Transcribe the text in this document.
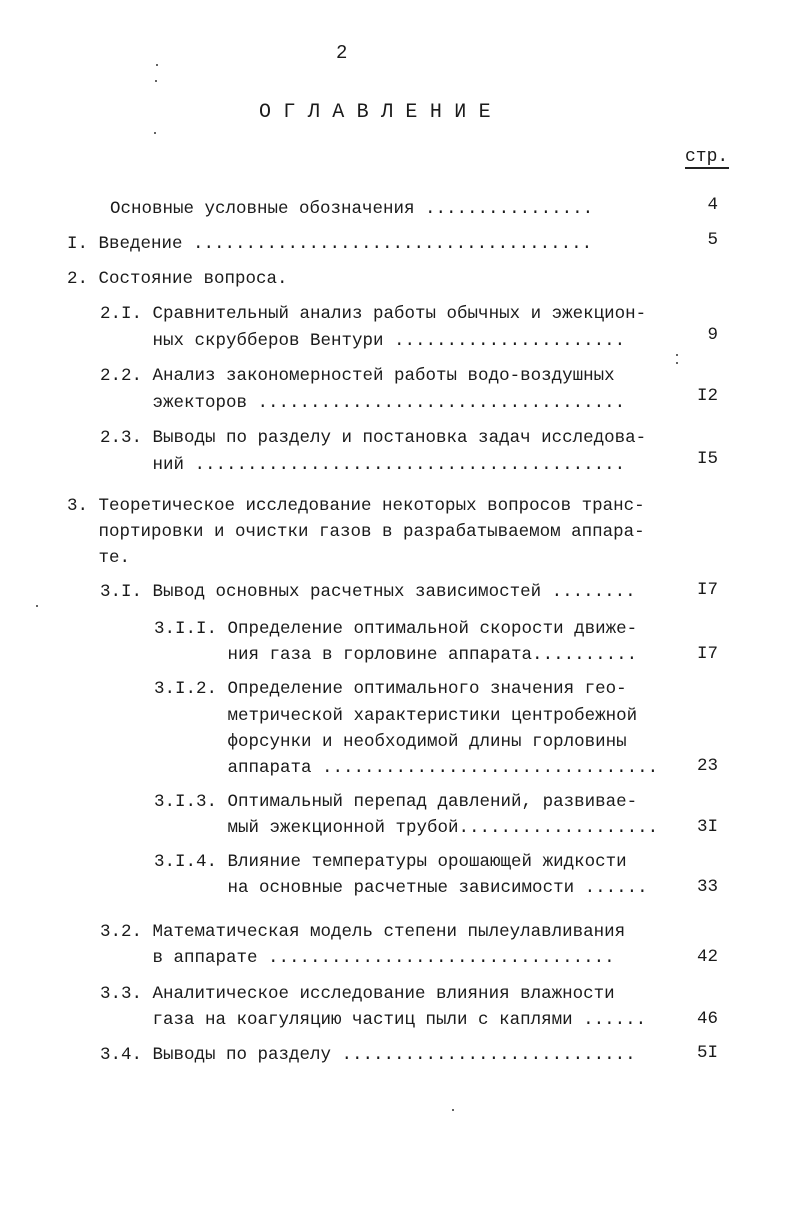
2
О Г Л А В Л Е Н И Е
стр.
Основные условные обозначения ................	4
I. Введение ......................................	5
2. Состояние вопроса.
2.I. Сравнительный анализ работы обычных и эжекцион-
ных скрубберов Вентури ......................	9
2.2. Анализ закономерностей работы водо-воздушных
эжекторов ...................................	I2
2.3. Выводы по разделу и постановка задач исследова-
ний .........................................	I5
3. Теоретическое исследование некоторых вопросов транс-
портировки и очистки газов в разрабатываемом аппара-
те.
3.I. Вывод основных расчетных зависимостей ........	I7
3.I.I. Определение оптимальной скорости движе-
ния газа в горловине аппарата..........	I7
3.I.2. Определение оптимального значения гео-
метрической характеристики центробежной
форсунки и необходимой длины горловины
аппарата ................................ 23
3.I.3. Оптимальный перепад давлений, развивае-
мый эжекционной трубой................... 3I
3.I.4. Влияние температуры орошающей жидкости
на основные расчетные зависимости ......	33
3.2. Математическая модель степени пылеулавливания
в аппарате .................................	42
3.3. Аналитическое исследование влияния влажности
газа на коагуляцию частиц пыли с каплями ......	46
3.4. Выводы по разделу ............................	5I
